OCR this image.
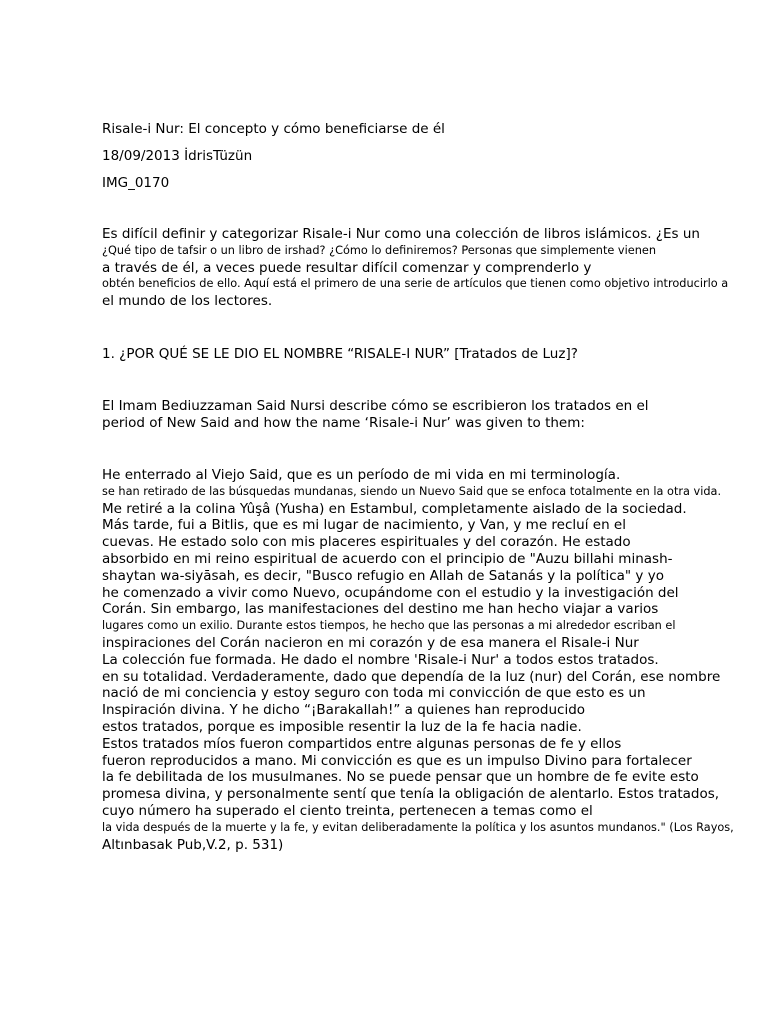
Risale-i Nur: El concepto y cómo beneficiarse de él
18/09/2013 İdrisTüzün
IMG_0170
Es difícil definir y categorizar Risale-i Nur como una colección de libros islámicos. ¿Es un
¿Qué tipo de tafsir o un libro de irshad? ¿Cómo lo definiremos? Personas que simplemente vienen
a través de él, a veces puede resultar difícil comenzar y comprenderlo y
obtén beneficios de ello. Aquí está el primero de una serie de artículos que tienen como objetivo introducirlo a
el mundo de los lectores.
1. ¿POR QUÉ SE LE DIO EL NOMBRE “RISALE-I NUR” [Tratados de Luz]?
El Imam Bediuzzaman Said Nursi describe cómo se escribieron los tratados en el
period of New Said and how the name ‘Risale-i Nur’ was given to them:
He enterrado al Viejo Said, que es un período de mi vida en mi terminología.
se han retirado de las búsquedas mundanas, siendo un Nuevo Said que se enfoca totalmente en la otra vida.
Me retiré a la colina Yûşâ (Yusha) en Estambul, completamente aislado de la sociedad.
Más tarde, fui a Bitlis, que es mi lugar de nacimiento, y Van, y me recluí en el
cuevas. He estado solo con mis placeres espirituales y del corazón. He estado
absorbido en mi reino espiritual de acuerdo con el principio de "Auzu billahi minash-
shaytan wa-siyāsah, es decir, "Busco refugio en Allah de Satanás y la política" y yo
he comenzado a vivir como Nuevo, ocupándome con el estudio y la investigación del
Corán. Sin embargo, las manifestaciones del destino me han hecho viajar a varios
lugares como un exilio. Durante estos tiempos, he hecho que las personas a mi alrededor escriban el
inspiraciones del Corán nacieron en mi corazón y de esa manera el Risale-i Nur
La colección fue formada. He dado el nombre 'Risale-i Nur' a todos estos tratados.
en su totalidad. Verdaderamente, dado que dependía de la luz (nur) del Corán, ese nombre
nació de mi conciencia y estoy seguro con toda mi convicción de que esto es un
Inspiración divina. Y he dicho “¡Barakallah!” a quienes han reproducido
estos tratados, porque es imposible resentir la luz de la fe hacia nadie.
Estos tratados míos fueron compartidos entre algunas personas de fe y ellos
fueron reproducidos a mano. Mi convicción es que es un impulso Divino para fortalecer
la fe debilitada de los musulmanes. No se puede pensar que un hombre de fe evite esto
promesa divina, y personalmente sentí que tenía la obligación de alentarlo. Estos tratados,
cuyo número ha superado el ciento treinta, pertenecen a temas como el
la vida después de la muerte y la fe, y evitan deliberadamente la política y los asuntos mundanos." (Los Rayos,
Altınbasak Pub,V.2, p. 531)
